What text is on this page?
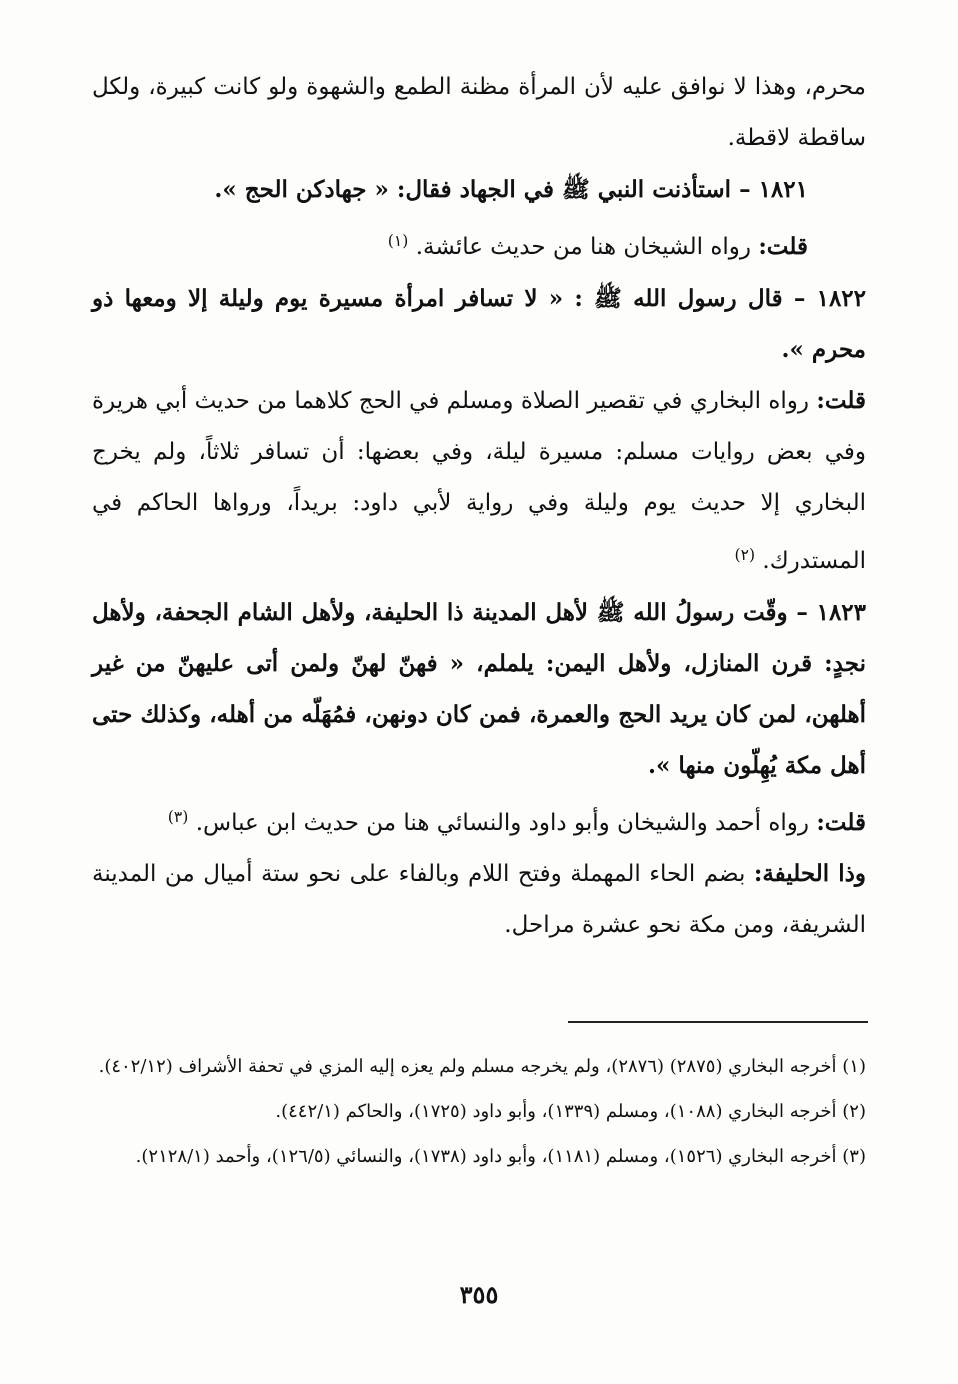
محرم، وهذا لا نوافق عليه لأن المرأة مظنة الطمع والشهوة ولو كانت كبيرة، ولكل ساقطة لاقطة.

١٨٢١ – استأذنت النبي ﷺ في الجهاد فقال: « جهادكن الحج ».

قلت: رواه الشيخان هنا من حديث عائشة. $^{(١)}$

١٨٢٢ – قال رسول الله ﷺ : « لا تسافر امرأة مسيرة يوم وليلة إلا ومعها ذو محرم ».

قلت: رواه البخاري في تقصير الصلاة ومسلم في الحج كلاهما من حديث أبي هريرة وفي بعض روايات مسلم: مسيرة ليلة، وفي بعضها: أن تسافر ثلاثاً، ولم يخرج البخاري إلا حديث يوم وليلة وفي رواية لأبي داود: بريداً، ورواها الحاكم في المستدرك. $^{(٢)}$

١٨٢٣ – وقّت رسولُ الله ﷺ لأهل المدينة ذا الحليفة، ولأهل الشام الجحفة، ولأهل نجدٍ: قرن المنازل، ولأهل اليمن: يلملم، « فهنّ لهنّ ولمن أتى عليهنّ من غير أهلهن، لمن كان يريد الحج والعمرة، فمن كان دونهن، فمُهَلّه من أهله، وكذلك حتى أهل مكة يُهِلّون منها ».

قلت: رواه أحمد والشيخان وأبو داود والنسائي هنا من حديث ابن عباس. $^{(٣)}$

وذا الحليفة: بضم الحاء المهملة وفتح اللام وبالفاء على نحو ستة أميال من المدينة الشريفة، ومن مكة نحو عشرة مراحل.

(١) أخرجه البخاري (٢٨٧٥) (٢٨٧٦)، ولم يخرجه مسلم ولم يعزه إليه المزي في تحفة الأشراف (٤٠٢/١٢).

(٢) أخرجه البخاري (١٠٨٨)، ومسلم (١٣٣٩)، وأبو داود (١٧٢٥)، والحاكم (٤٤٢/١).

(٣) أخرجه البخاري (١٥٢٦)، ومسلم (١١٨١)، وأبو داود (١٧٣٨)، والنسائي (١٢٦/٥)، وأحمد (٢١٢٨/١).

٣٥٥
